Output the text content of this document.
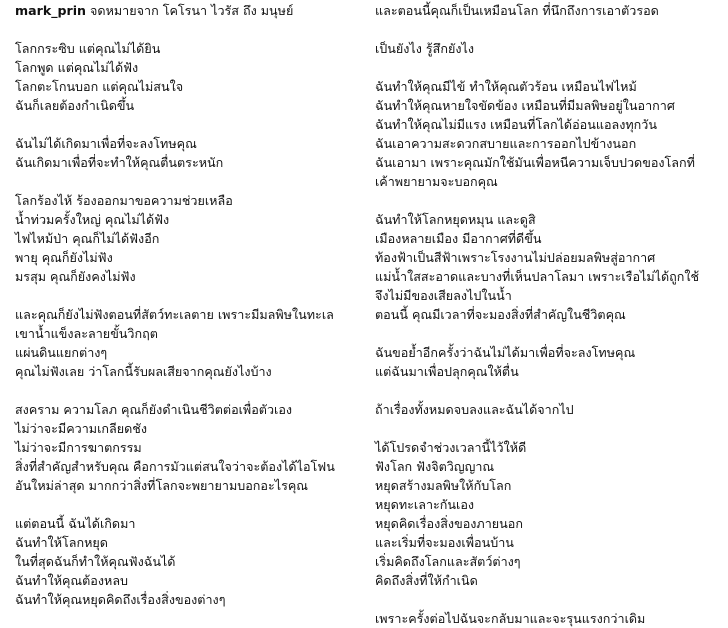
mark_prin จดหมายจาก โคโรนา ไวรัส ถึง มนุษย์
โลกกระซิบ แต่คุณไม่ได้ยิน
โลกพูด แต่คุณไม่ได้ฟัง
โลกตะโกนบอก แต่คุณไม่สนใจ
ฉันก็เลยต้องกำเนิดขึ้น
ฉันไม่ได้เกิดมาเพื่อที่จะลงโทษคุณ
ฉันเกิดมาเพื่อที่จะทำให้คุณตื่นตระหนัก
โลกร้องไห้ ร้องออกมาขอความช่วยเหลือ
น้ำท่วมครั้งใหญ่ คุณไม่ได้ฟัง
ไฟไหม้ป่า คุณก็ไม่ได้ฟังอีก
พายุ คุณก็ยังไม่ฟัง
มรสุม คุณก็ยังคงไม่ฟัง
และคุณก็ยังไม่ฟังตอนที่สัตว์ทะเลตาย เพราะมีมลพิษในทะเล
เขาน้ำแข็งละลายขั้นวิกฤต
แผ่นดินแยกต่างๆ
คุณไม่ฟังเลย ว่าโลกนี้รับผลเสียจากคุณยังไงบ้าง
สงคราม ความโลภ คุณก็ยังดำเนินชีวิตต่อเพื่อตัวเอง
ไม่ว่าจะมีความเกลียดชัง
ไม่ว่าจะมีการฆาตกรรม
สิ่งที่สำคัญสำหรับคุณ คือการมัวแต่สนใจว่าจะต้องได้ไอโฟน
อันใหม่ล่าสุด มากกว่าสิ่งที่โลกจะพยายามบอกอะไรคุณ
แต่ตอนนี้ ฉันได้เกิดมา
ฉันทำให้โลกหยุด
ในที่สุดฉันก็ทำให้คุณฟังฉันได้
ฉันทำให้คุณต้องหลบ
ฉันทำให้คุณหยุดคิดถึงเรื่องสิ่งของต่างๆ
และตอนนี้คุณก็เป็นเหมือนโลก ที่นึกถึงการเอาตัวรอด
เป็นยังไง รู้สึกยังไง
ฉันทำให้คุณมีไข้ ทำให้คุณตัวร้อน เหมือนไฟไหม้
ฉันทำให้คุณหายใจขัดข้อง เหมือนที่มีมลพิษอยู่ในอากาศ
ฉันทำให้คุณไม่มีแรง เหมือนที่โลกได้อ่อนแอลงทุกวัน
ฉันเอาความสะดวกสบายและการออกไปข้างนอก
ฉันเอามา เพราะคุณมักใช้มันเพื่อหนีความเจ็บปวดของโลกที่
เค้าพยายามจะบอกคุณ
ฉันทำให้โลกหยุดหมุน และดูสิ
เมืองหลายเมือง มีอากาศที่ดีขึ้น
ท้องฟ้าเป็นสีฟ้าเพราะโรงงานไม่ปล่อยมลพิษสู่อากาศ
แม่น้ำใสสะอาดและบางที่เห็นปลาโลมา เพราะเรือไม่ได้ถูกใช้
จึงไม่มีของเสียลงไปในน้ำ
ตอนนี้ คุณมีเวลาที่จะมองสิ่งที่สำคัญในชีวิตคุณ
ฉันขอย้ำอีกครั้งว่าฉันไม่ได้มาเพื่อที่จะลงโทษคุณ
แต่ฉันมาเพื่อปลุกคุณให้ตื่น
ถ้าเรื่องทั้งหมดจบลงและฉันได้จากไป
ได้โปรดจำช่วงเวลานี้ไว้ให้ดี
ฟังโลก ฟังจิตวิญญาณ
หยุดสร้างมลพิษให้กับโลก
หยุดทะเลาะกันเอง
หยุดคิดเรื่องสิ่งของภายนอก
และเริ่มที่จะมองเพื่อนบ้าน
เริ่มคิดถึงโลกและสัตว์ต่างๆ
คิดถึงสิ่งที่ให้กำเนิด
เพราะครั้งต่อไปฉันจะกลับมาและจะรุนแรงกว่าเดิม
